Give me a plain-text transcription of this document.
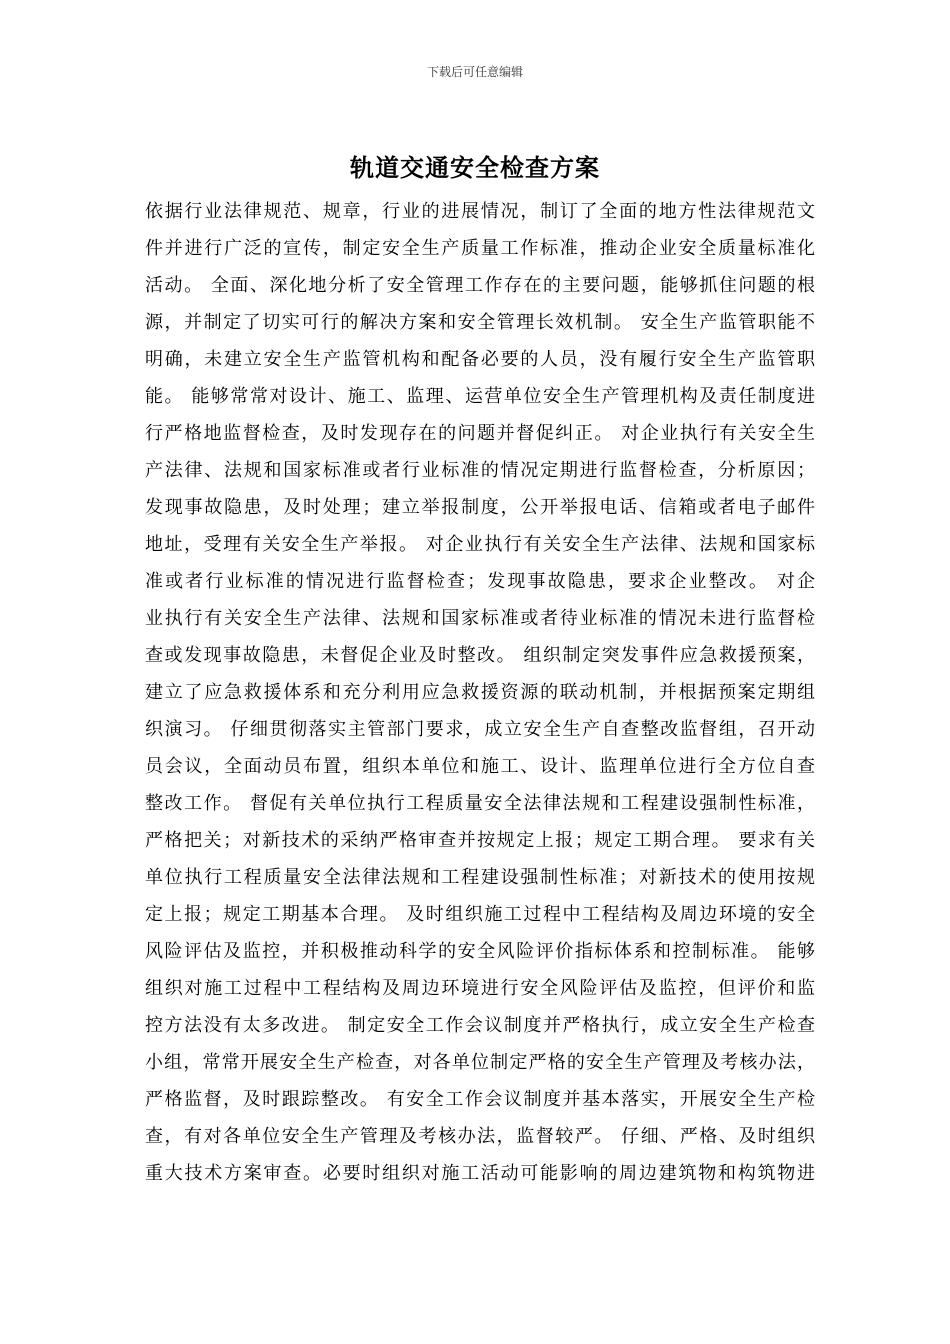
下载后可任意编辑
轨道交通安全检查方案
依据行业法律规范、规章，行业的进展情况，制订了全面的地方性法律规范文
件并进行广泛的宣传，制定安全生产质量工作标准，推动企业安全质量标准化
活动。 全面、深化地分析了安全管理工作存在的主要问题，能够抓住问题的根
源，并制定了切实可行的解决方案和安全管理长效机制。 安全生产监管职能不
明确，未建立安全生产监管机构和配备必要的人员，没有履行安全生产监管职
能。 能够常常对设计、施工、监理、运营单位安全生产管理机构及责任制度进
行严格地监督检查，及时发现存在的问题并督促纠正。 对企业执行有关安全生
产法律、法规和国家标准或者行业标准的情况定期进行监督检查，分析原因；
发现事故隐患，及时处理；建立举报制度，公开举报电话、信箱或者电子邮件
地址，受理有关安全生产举报。 对企业执行有关安全生产法律、法规和国家标
准或者行业标准的情况进行监督检查；发现事故隐患，要求企业整改。 对企
业执行有关安全生产法律、法规和国家标准或者待业标准的情况未进行监督检
查或发现事故隐患，未督促企业及时整改。 组织制定突发事件应急救援预案，
建立了应急救援体系和充分利用应急救援资源的联动机制，并根据预案定期组
织演习。 仔细贯彻落实主管部门要求，成立安全生产自查整改监督组，召开动
员会议，全面动员布置，组织本单位和施工、设计、监理单位进行全方位自查
整改工作。 督促有关单位执行工程质量安全法律法规和工程建设强制性标准，
严格把关；对新技术的采纳严格审查并按规定上报；规定工期合理。 要求有关
单位执行工程质量安全法律法规和工程建设强制性标准；对新技术的使用按规
定上报；规定工期基本合理。 及时组织施工过程中工程结构及周边环境的安全
风险评估及监控，并积极推动科学的安全风险评价指标体系和控制标准。 能够
组织对施工过程中工程结构及周边环境进行安全风险评估及监控，但评价和监
控方法没有太多改进。 制定安全工作会议制度并严格执行，成立安全生产检查
小组，常常开展安全生产检查，对各单位制定严格的安全生产管理及考核办法，
严格监督，及时跟踪整改。 有安全工作会议制度并基本落实，开展安全生产检
查，有对各单位安全生产管理及考核办法，监督较严。 仔细、严格、及时组织
重大技术方案审查。必要时组织对施工活动可能影响的周边建筑物和构筑物进
